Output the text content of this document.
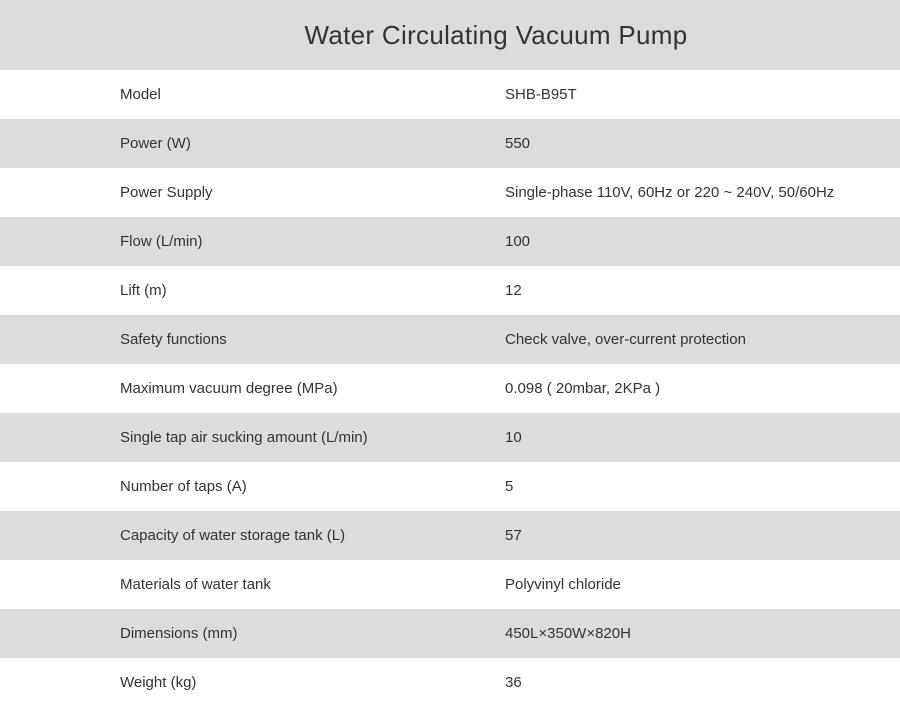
Water Circulating Vacuum Pump
Model	SHB-B95T
Power (W)	550
Power Supply	Single-phase 110V, 60Hz or 220 ~ 240V, 50/60Hz
Flow (L/min)	100
Lift (m)	12
Safety functions	Check valve, over-current protection
Maximum vacuum degree (MPa)	0.098 ( 20mbar, 2KPa )
Single tap air sucking amount (L/min)	10
Number of taps (A)	5
Capacity of water storage tank (L)	57
Materials of water tank	Polyvinyl chloride
Dimensions (mm)	450L×350W×820H
Weight (kg)	36
